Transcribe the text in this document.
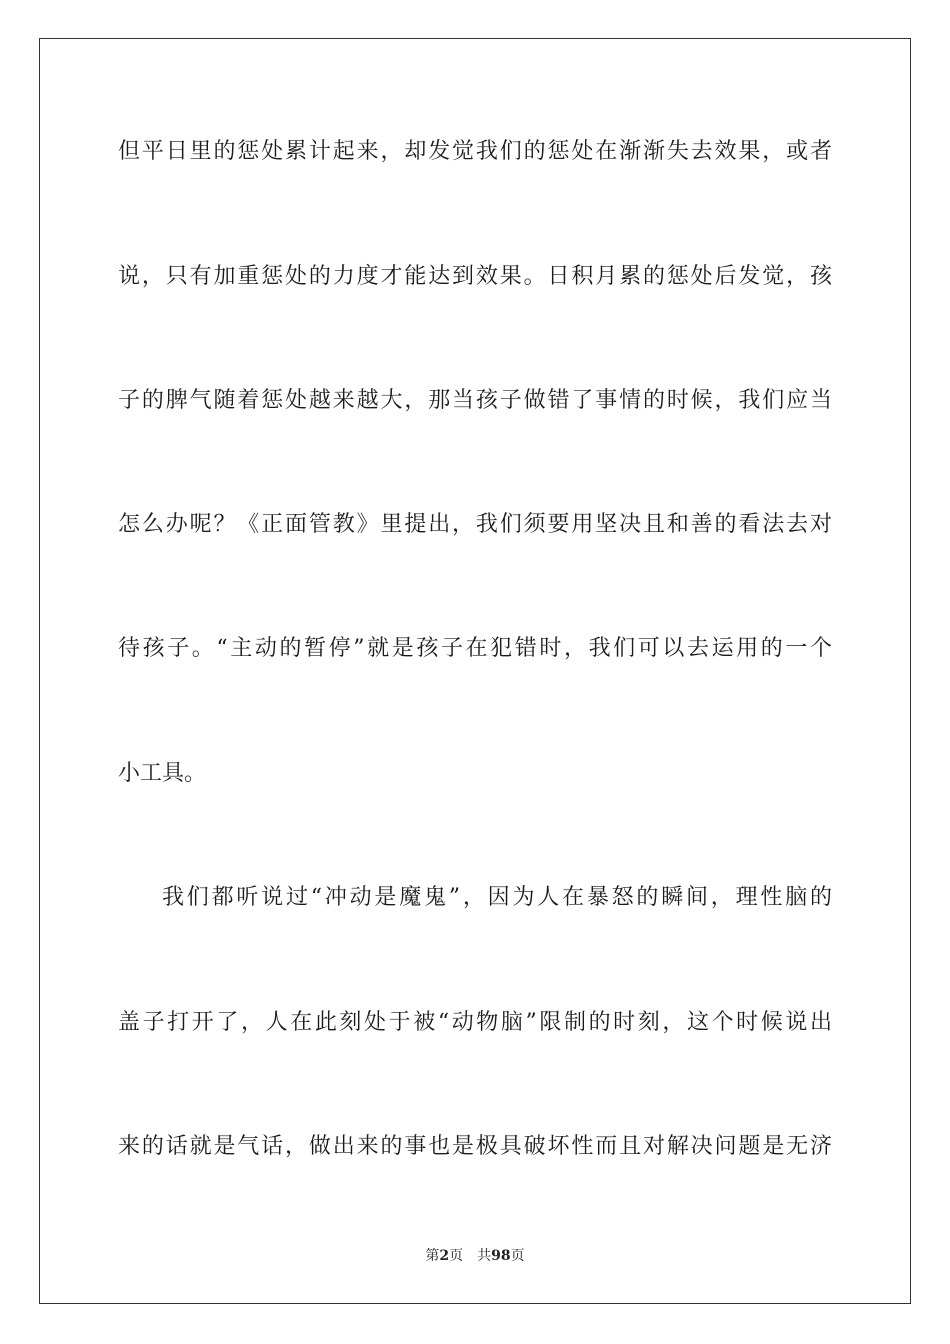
但平日里的惩处累计起来，却发觉我们的惩处在渐渐失去效果，或者
说，只有加重惩处的力度才能达到效果。日积月累的惩处后发觉，孩
子的脾气随着惩处越来越大，那当孩子做错了事情的时候，我们应当
怎么办呢？《正面管教》里提出，我们须要用坚决且和善的看法去对
待孩子。“主动的暂停”就是孩子在犯错时，我们可以去运用的一个
小工具。
我们都听说过“冲动是魔鬼”，因为人在暴怒的瞬间，理性脑的
盖子打开了，人在此刻处于被“动物脑”限制的时刻，这个时候说出
来的话就是气话，做出来的事也是极具破坏性而且对解决问题是无济
第2页 共98页
